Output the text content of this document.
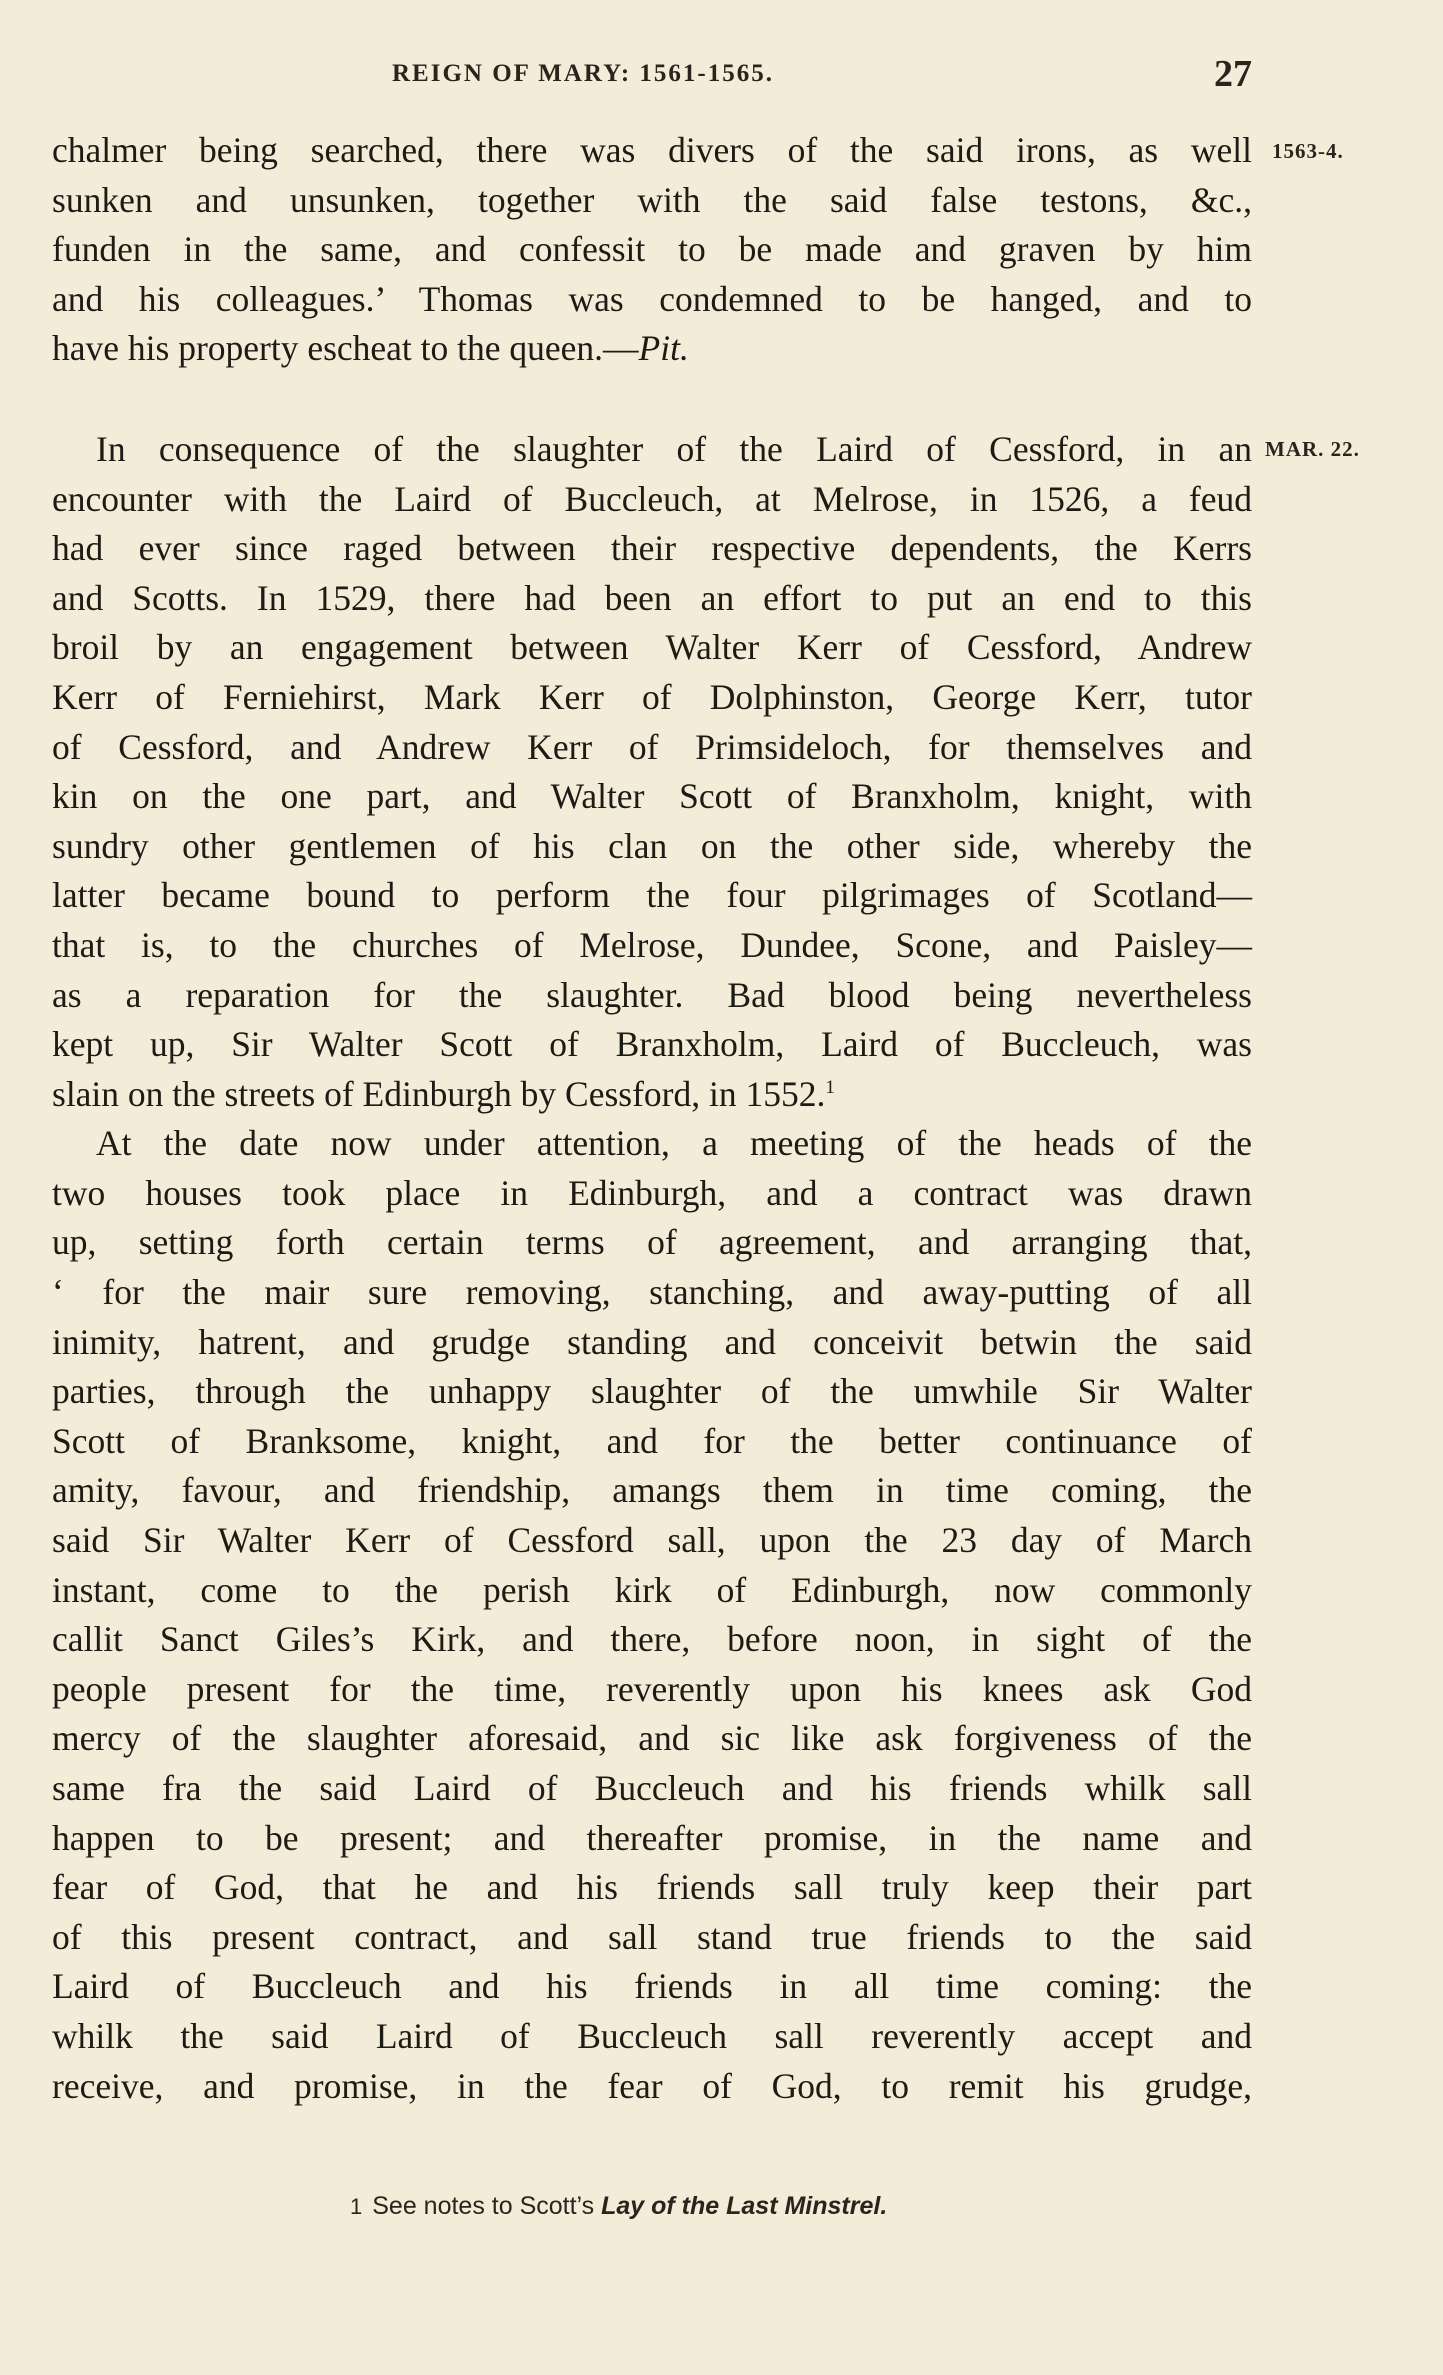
REIGN OF MARY: 1561-1565.	27
1563-4.
MAR. 22.
chalmer being searched, there was divers of the said irons, as well
sunken and unsunken, together with the said false testons, &c.,
funden in the same, and confessit to be made and graven by him
and his colleagues.’ Thomas was condemned to be hanged, and to
have his property escheat to the queen.—Pit.
In consequence of the slaughter of the Laird of Cessford, in an
encounter with the Laird of Buccleuch, at Melrose, in 1526, a feud
had ever since raged between their respective dependents, the Kerrs
and Scotts. In 1529, there had been an effort to put an end to this
broil by an engagement between Walter Kerr of Cessford, Andrew
Kerr of Ferniehirst, Mark Kerr of Dolphinston, George Kerr, tutor
of Cessford, and Andrew Kerr of Primsideloch, for themselves and
kin on the one part, and Walter Scott of Branxholm, knight, with
sundry other gentlemen of his clan on the other side, whereby the
latter became bound to perform the four pilgrimages of Scotland—
that is, to the churches of Melrose, Dundee, Scone, and Paisley—
as a reparation for the slaughter. Bad blood being nevertheless
kept up, Sir Walter Scott of Branxholm, Laird of Buccleuch, was
slain on the streets of Edinburgh by Cessford, in 1552.$^1$
At the date now under attention, a meeting of the heads of the
two houses took place in Edinburgh, and a contract was drawn
up, setting forth certain terms of agreement, and arranging that,
‘ for the mair sure removing, stanching, and away-putting of all
inimity, hatrent, and grudge standing and conceivit betwin the said
parties, through the unhappy slaughter of the umwhile Sir Walter
Scott of Branksome, knight, and for the better continuance of
amity, favour, and friendship, amangs them in time coming, the
said Sir Walter Kerr of Cessford sall, upon the 23 day of March
instant, come to the perish kirk of Edinburgh, now commonly
callit Sanct Giles’s Kirk, and there, before noon, in sight of the
people present for the time, reverently upon his knees ask God
mercy of the slaughter aforesaid, and sic like ask forgiveness of the
same fra the said Laird of Buccleuch and his friends whilk sall
happen to be present; and thereafter promise, in the name and
fear of God, that he and his friends sall truly keep their part
of this present contract, and sall stand true friends to the said
Laird of Buccleuch and his friends in all time coming: the
whilk the said Laird of Buccleuch sall reverently accept and
receive, and promise, in the fear of God, to remit his grudge,
1 See notes to Scott’s Lay of the Last Minstrel.
